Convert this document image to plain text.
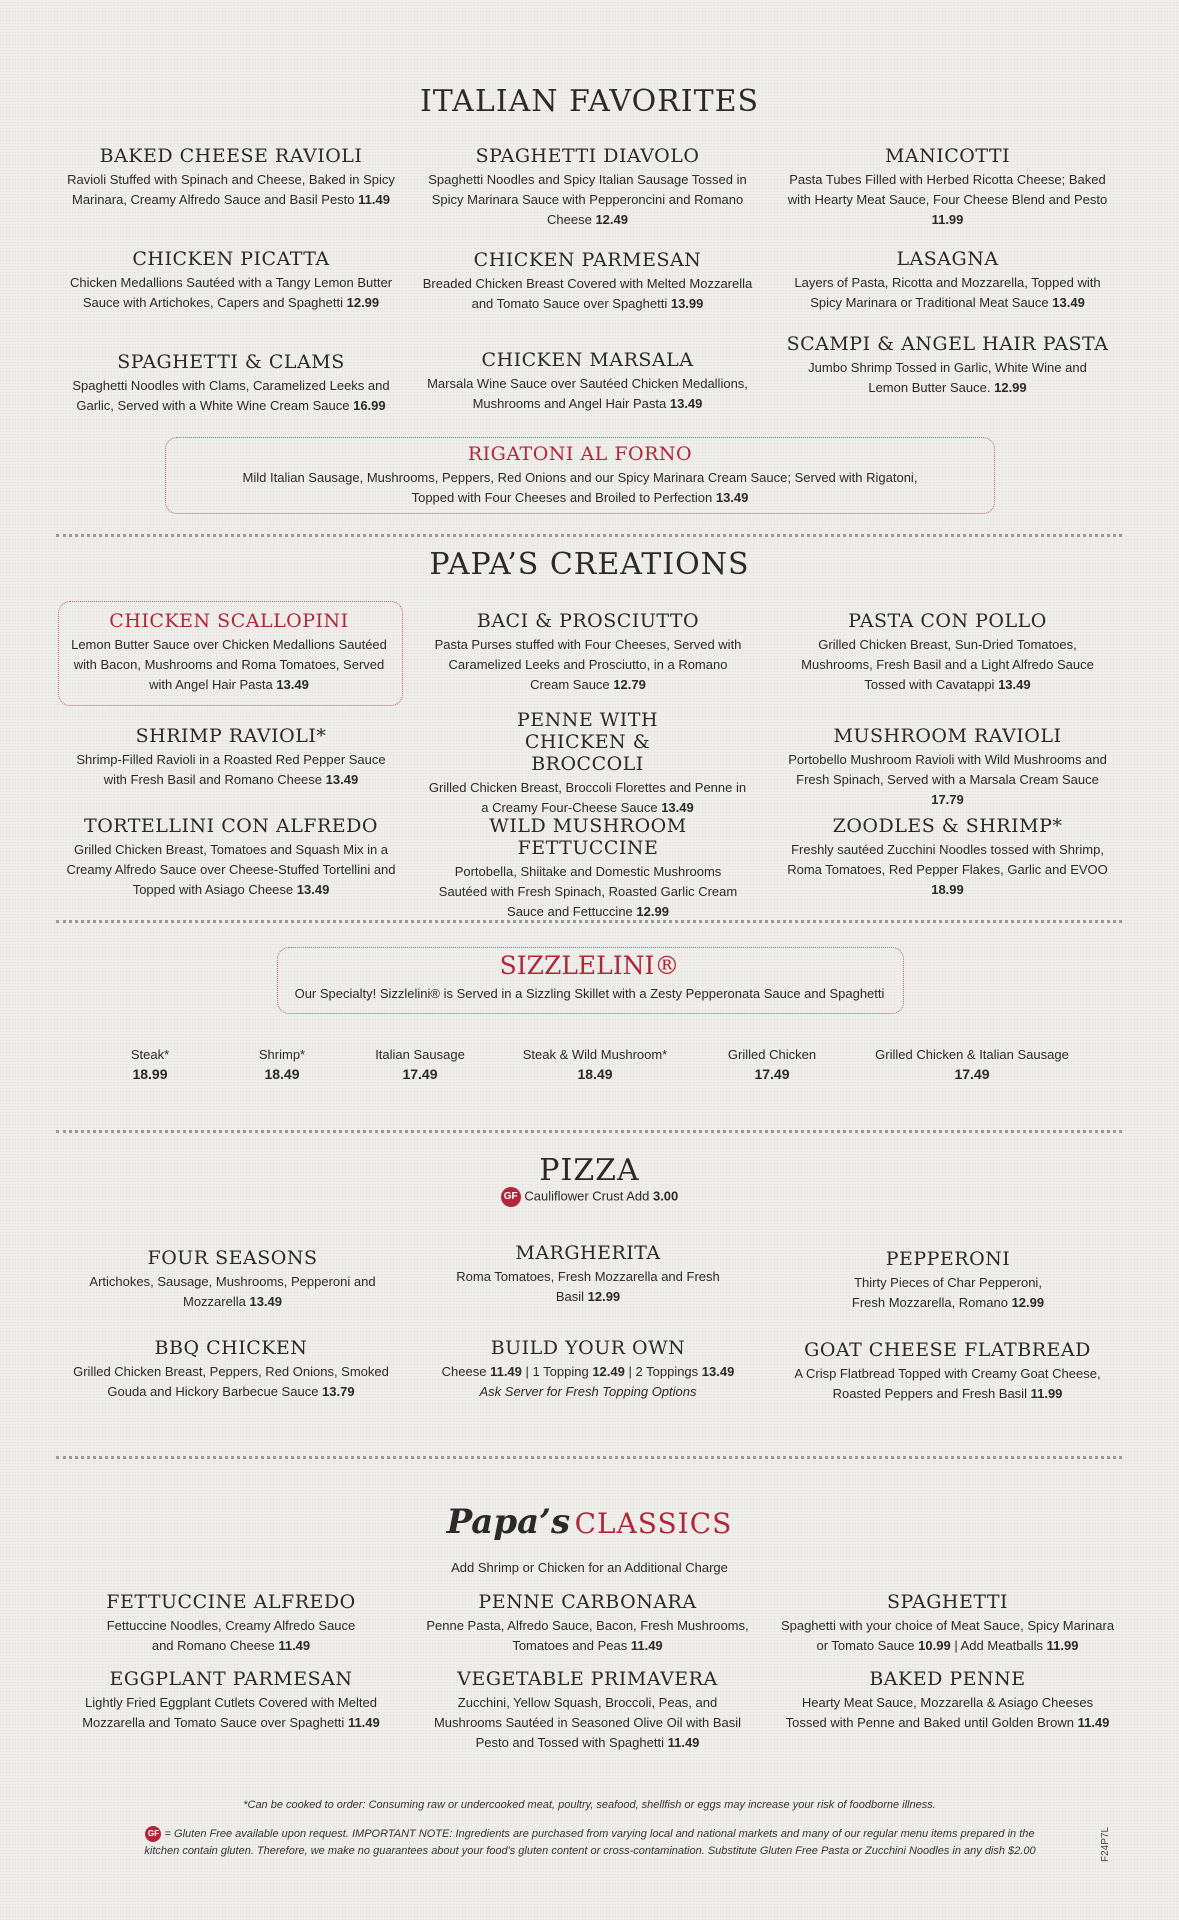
ITALIAN FAVORITES
BAKED CHEESE RAVIOLI
Ravioli Stuffed with Spinach and Cheese, Baked in Spicy Marinara, Creamy Alfredo Sauce and Basil Pesto 11.49
SPAGHETTI DIAVOLO
Spaghetti Noodles and Spicy Italian Sausage Tossed in Spicy Marinara Sauce with Pepperoncini and Romano Cheese 12.49
MANICOTTI
Pasta Tubes Filled with Herbed Ricotta Cheese; Baked with Hearty Meat Sauce, Four Cheese Blend and Pesto 11.99
CHICKEN PICATTA
Chicken Medallions Sautéed with a Tangy Lemon Butter Sauce with Artichokes, Capers and Spaghetti 12.99
CHICKEN PARMESAN
Breaded Chicken Breast Covered with Melted Mozzarella and Tomato Sauce over Spaghetti 13.99
LASAGNA
Layers of Pasta, Ricotta and Mozzarella, Topped with Spicy Marinara or Traditional Meat Sauce 13.49
SPAGHETTI & CLAMS
Spaghetti Noodles with Clams, Caramelized Leeks and Garlic, Served with a White Wine Cream Sauce 16.99
CHICKEN MARSALA
Marsala Wine Sauce over Sautéed Chicken Medallions, Mushrooms and Angel Hair Pasta 13.49
SCAMPI & ANGEL HAIR PASTA
Jumbo Shrimp Tossed in Garlic, White Wine and Lemon Butter Sauce. 12.99
RIGATONI AL FORNO
Mild Italian Sausage, Mushrooms, Peppers, Red Onions and our Spicy Marinara Cream Sauce; Served with Rigatoni, Topped with Four Cheeses and Broiled to Perfection 13.49
PAPA’S CREATIONS
CHICKEN SCALLOPINI
Lemon Butter Sauce over Chicken Medallions Sautéed with Bacon, Mushrooms and Roma Tomatoes, Served with Angel Hair Pasta 13.49
BACI & PROSCIUTTO
Pasta Purses stuffed with Four Cheeses, Served with Caramelized Leeks and Prosciutto, in a Romano Cream Sauce 12.79
PASTA CON POLLO
Grilled Chicken Breast, Sun-Dried Tomatoes, Mushrooms, Fresh Basil and a Light Alfredo Sauce Tossed with Cavatappi 13.49
SHRIMP RAVIOLI*
Shrimp-Filled Ravioli in a Roasted Red Pepper Sauce with Fresh Basil and Romano Cheese 13.49
PENNE WITH CHICKEN & BROCCOLI
Grilled Chicken Breast, Broccoli Florettes and Penne in a Creamy Four-Cheese Sauce 13.49
MUSHROOM RAVIOLI
Portobello Mushroom Ravioli with Wild Mushrooms and Fresh Spinach, Served with a Marsala Cream Sauce 17.79
TORTELLINI CON ALFREDO
Grilled Chicken Breast, Tomatoes and Squash Mix in a Creamy Alfredo Sauce over Cheese-Stuffed Tortellini and Topped with Asiago Cheese 13.49
WILD MUSHROOM FETTUCCINE
Portobella, Shiitake and Domestic Mushrooms Sautéed with Fresh Spinach, Roasted Garlic Cream Sauce and Fettuccine 12.99
ZOODLES & SHRIMP*
Freshly sautéed Zucchini Noodles tossed with Shrimp, Roma Tomatoes, Red Pepper Flakes, Garlic and EVOO 18.99
SIZZLELINI®
Our Specialty! Sizzlelini® is Served in a Sizzling Skillet with a Zesty Pepperonata Sauce and Spaghetti
Steak*
18.99
Shrimp*
18.49
Italian Sausage
17.49
Steak & Wild Mushroom*
18.49
Grilled Chicken
17.49
Grilled Chicken & Italian Sausage
17.49
PIZZA
GF Cauliflower Crust Add 3.00
FOUR SEASONS
Artichokes, Sausage, Mushrooms, Pepperoni and Mozzarella 13.49
MARGHERITA
Roma Tomatoes, Fresh Mozzarella and Fresh Basil 12.99
PEPPERONI
Thirty Pieces of Char Pepperoni, Fresh Mozzarella, Romano 12.99
BBQ CHICKEN
Grilled Chicken Breast, Peppers, Red Onions, Smoked Gouda and Hickory Barbecue Sauce 13.79
BUILD YOUR OWN
Cheese 11.49 | 1 Topping 12.49 | 2 Toppings 13.49
Ask Server for Fresh Topping Options
GOAT CHEESE FLATBREAD
A Crisp Flatbread Topped with Creamy Goat Cheese, Roasted Peppers and Fresh Basil 11.99
Papa’s CLASSICS
Add Shrimp or Chicken for an Additional Charge
FETTUCCINE ALFREDO
Fettuccine Noodles, Creamy Alfredo Sauce and Romano Cheese 11.49
PENNE CARBONARA
Penne Pasta, Alfredo Sauce, Bacon, Fresh Mushrooms, Tomatoes and Peas 11.49
SPAGHETTI
Spaghetti with your choice of Meat Sauce, Spicy Marinara or Tomato Sauce 10.99 | Add Meatballs 11.99
EGGPLANT PARMESAN
Lightly Fried Eggplant Cutlets Covered with Melted Mozzarella and Tomato Sauce over Spaghetti 11.49
VEGETABLE PRIMAVERA
Zucchini, Yellow Squash, Broccoli, Peas, and Mushrooms Sautéed in Seasoned Olive Oil with Basil Pesto and Tossed with Spaghetti 11.49
BAKED PENNE
Hearty Meat Sauce, Mozzarella & Asiago Cheeses Tossed with Penne and Baked until Golden Brown 11.49
*Can be cooked to order: Consuming raw or undercooked meat, poultry, seafood, shellfish or eggs may increase your risk of foodborne illness.
GF = Gluten Free available upon request. IMPORTANT NOTE: Ingredients are purchased from varying local and national markets and many of our regular menu items prepared in the kitchen contain gluten. Therefore, we make no guarantees about your food's gluten content or cross-contamination. Substitute Gluten Free Pasta or Zucchini Noodles in any dish $2.00	F24P7L
